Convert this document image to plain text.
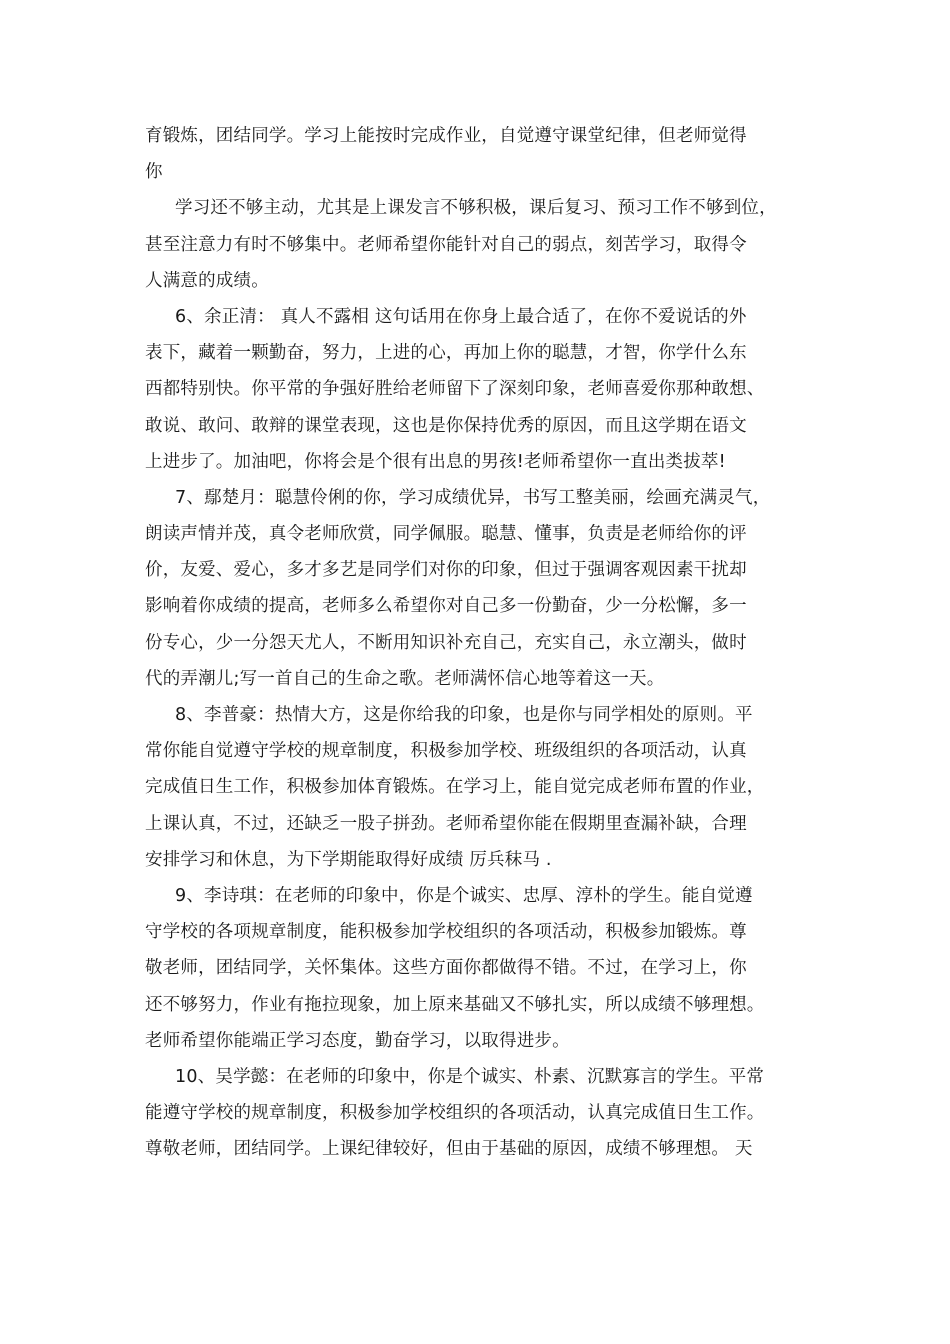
育锻炼，团结同学。学习上能按时完成作业，自觉遵守课堂纪律，但老师觉得
你
学习还不够主动，尤其是上课发言不够积极，课后复习、预习工作不够到位，
甚至注意力有时不够集中。老师希望你能针对自己的弱点，刻苦学习，取得令
人满意的成绩。
6、余正清： 真人不露相 这句话用在你身上最合适了，在你不爱说话的外
表下，藏着一颗勤奋，努力，上进的心，再加上你的聪慧，才智，你学什么东
西都特别快。你平常的争强好胜给老师留下了深刻印象，老师喜爱你那种敢想、
敢说、敢问、敢辩的课堂表现，这也是你保持优秀的原因，而且这学期在语文
上进步了。加油吧，你将会是个很有出息的男孩!老师希望你一直出类拔萃!
7、鄢楚月：聪慧伶俐的你，学习成绩优异，书写工整美丽，绘画充满灵气，
朗读声情并茂，真令老师欣赏，同学佩服。聪慧、懂事，负责是老师给你的评
价，友爱、爱心，多才多艺是同学们对你的印象，但过于强调客观因素干扰却
影响着你成绩的提高，老师多么希望你对自己多一份勤奋，少一分松懈，多一
份专心，少一分怨天尤人，不断用知识补充自己，充实自己，永立潮头，做时
代的弄潮儿;写一首自己的生命之歌。老师满怀信心地等着这一天。
8、李普豪：热情大方，这是你给我的印象，也是你与同学相处的原则。平
常你能自觉遵守学校的规章制度，积极参加学校、班级组织的各项活动，认真
完成值日生工作，积极参加体育锻炼。在学习上，能自觉完成老师布置的作业，
上课认真，不过，还缺乏一股子拼劲。老师希望你能在假期里查漏补缺，合理
安排学习和休息，为下学期能取得好成绩 厉兵秣马 .
9、李诗琪：在老师的印象中，你是个诚实、忠厚、淳朴的学生。能自觉遵
守学校的各项规章制度，能积极参加学校组织的各项活动，积极参加锻炼。尊
敬老师，团结同学，关怀集体。这些方面你都做得不错。不过，在学习上，你
还不够努力，作业有拖拉现象，加上原来基础又不够扎实，所以成绩不够理想。
老师希望你能端正学习态度，勤奋学习，以取得进步。
10、吴学懿：在老师的印象中，你是个诚实、朴素、沉默寡言的学生。平常
能遵守学校的规章制度，积极参加学校组织的各项活动，认真完成值日生工作。
尊敬老师，团结同学。上课纪律较好，但由于基础的原因，成绩不够理想。 天
